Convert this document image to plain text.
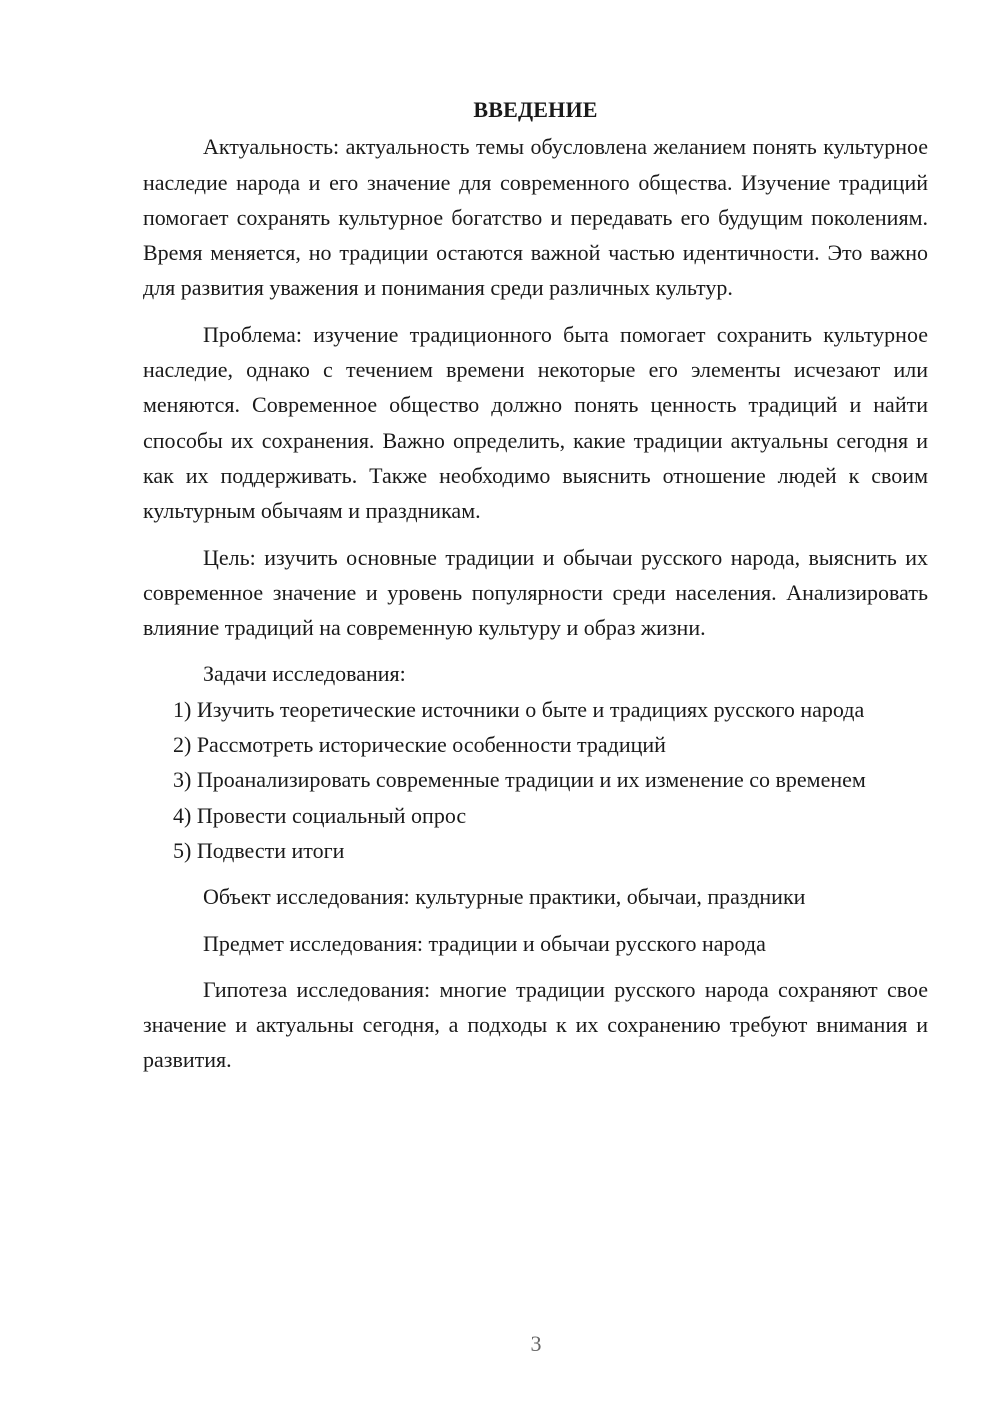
ВВЕДЕНИЕ

Актуальность: актуальность темы обусловлена желанием понять культурное наследие народа и его значение для современного общества. Изучение традиций помогает сохранять культурное богатство и передавать его будущим поколениям. Время меняется, но традиции остаются важной частью идентичности. Это важно для развития уважения и понимания среди различных культур.

Проблема: изучение традиционного быта помогает сохранить культурное наследие, однако с течением времени некоторые его элементы исчезают или меняются. Современное общество должно понять ценность традиций и найти способы их сохранения. Важно определить, какие традиции актуальны сегодня и как их поддерживать. Также необходимо выяснить отношение людей к своим культурным обычаям и праздникам.

Цель: изучить основные традиции и обычаи русского народа, выяснить их современное значение и уровень популярности среди населения. Анализировать влияние традиций на современную культуру и образ жизни.

Задачи исследования:

1) Изучить теоретические источники о быте и традициях русского народа

2) Рассмотреть исторические особенности традиций

3) Проанализировать современные традиции и их изменение со временем

4) Провести социальный опрос

5) Подвести итоги

Объект исследования: культурные практики, обычаи, праздники

Предмет исследования: традиции и обычаи русского народа

Гипотеза исследования: многие традиции русского народа сохраняют свое значение и актуальны сегодня, а подходы к их сохранению требуют внимания и развития.

3
